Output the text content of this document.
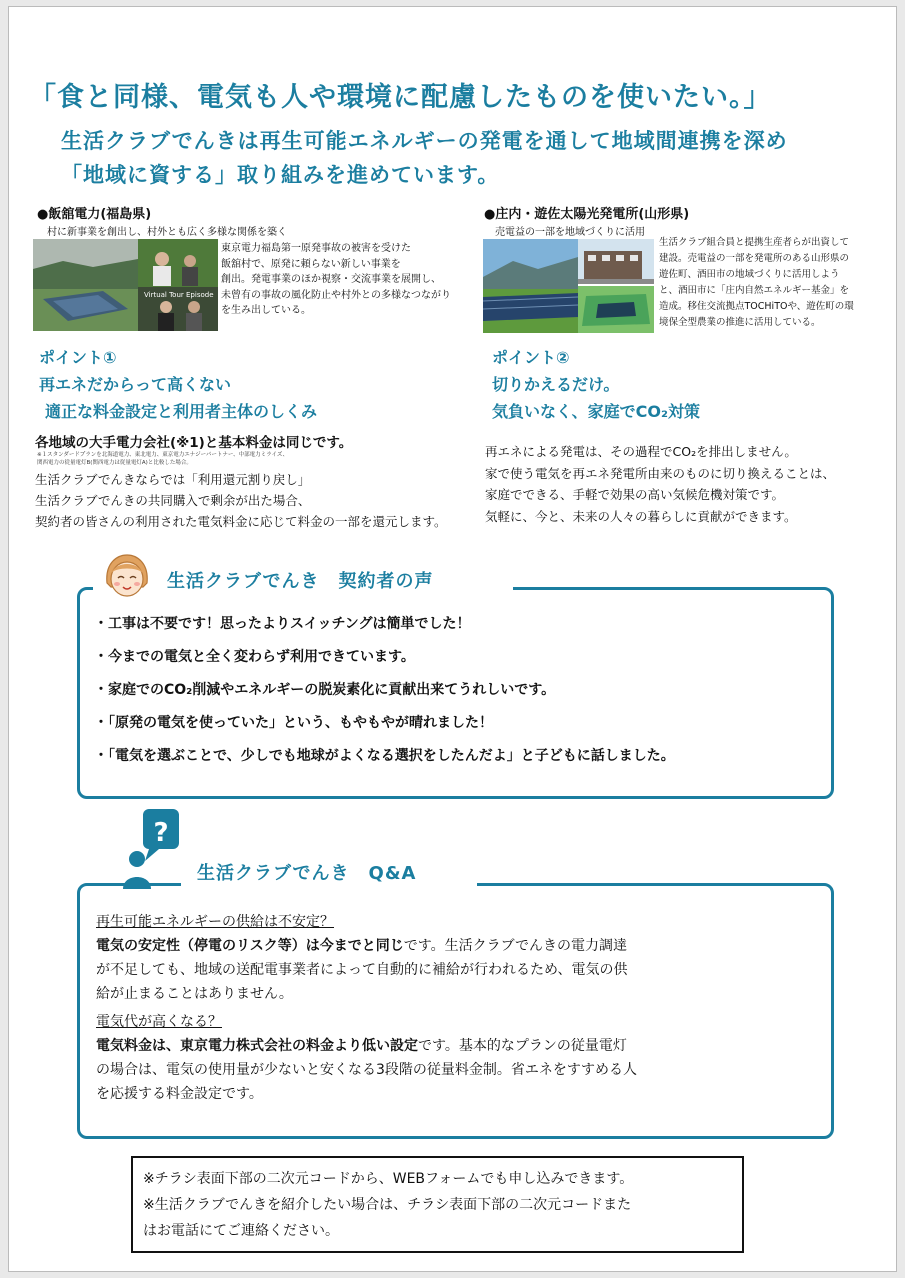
「食と同様、電気も人や環境に配慮したものを使いたい。」
生活クラブでんきは再生可能エネルギーの発電を通して地域間連携を深め
「地域に資する」取り組みを進めています。
●飯舘電力(福島県)
村に新事業を創出し、村外とも広く多様な関係を築く
Virtual Tour Episode
東京電力福島第一原発事故の被害を受けた
飯舘村で、原発に頼らない新しい事業を
創出。発電事業のほか視察・交流事業を展開し、
未曾有の事故の風化防止や村外との多様なつながり
を生み出している。
●庄内・遊佐太陽光発電所(山形県)
売電益の一部を地域づくりに活用
生活クラブ組合員と提携生産者らが出資して
建設。売電益の一部を発電所のある山形県の
遊佐町、酒田市の地域づくりに活用しよう
と、酒田市に「庄内自然エネルギー基金」を
造成。移住交流拠点TOCHiTOや、遊佐町の環
境保全型農業の推進に活用している。
ポイント①
再エネだからって高くない
適正な料金設定と利用者主体のしくみ
各地域の大手電力会社(※1)と基本料金は同じです。
※１スタンダードプランを北海道電力、東北電力、東京電力エナジーパートナー、中部電力ミライズ、
関西電力の従量電灯B(関西電力は従量電灯A)と比較した場合。
生活クラブでんきならでは「利用還元割り戻し」
生活クラブでんきの共同購入で剰余が出た場合、
契約者の皆さんの利用された電気料金に応じて料金の一部を還元します。
ポイント②
切りかえるだけ。
気負いなく、家庭でCO₂対策
再エネによる発電は、その過程でCO₂を排出しません。
家で使う電気を再エネ発電所由来のものに切り換えることは、
家庭でできる、手軽で効果の高い気候危機対策です。
気軽に、今と、未来の人々の暮らしに貢献ができます。
・工事は不要です！思ったよりスイッチングは簡単でした！
・今までの電気と全く変わらず利用できています。
・家庭でのCO₂削減やエネルギーの脱炭素化に貢献出来てうれしいです。
・「原発の電気を使っていた」という、もやもやが晴れました！
・「電気を選ぶことで、少しでも地球がよくなる選択をしたんだよ」と子どもに話しました。
生活クラブでんき　契約者の声
再生可能エネルギーの供給は不安定？
電気の安定性（停電のリスク等）は今までと同じです。生活クラブでんきの電力調達
が不足しても、地域の送配電事業者によって自動的に補給が行われるため、電気の供
給が止まることはありません。
電気代が高くなる？
電気料金は、東京電力株式会社の料金より低い設定です。基本的なプランの従量電灯
の場合は、電気の使用量が少ないと安くなる3段階の従量料金制。省エネをすすめる人
を応援する料金設定です。
?
生活クラブでんき　Q&A
※チラシ表面下部の二次元コードから、WEBフォームでも申し込みできます。
※生活クラブでんきを紹介したい場合は、チラシ表面下部の二次元コードまた
はお電話にてご連絡ください。
